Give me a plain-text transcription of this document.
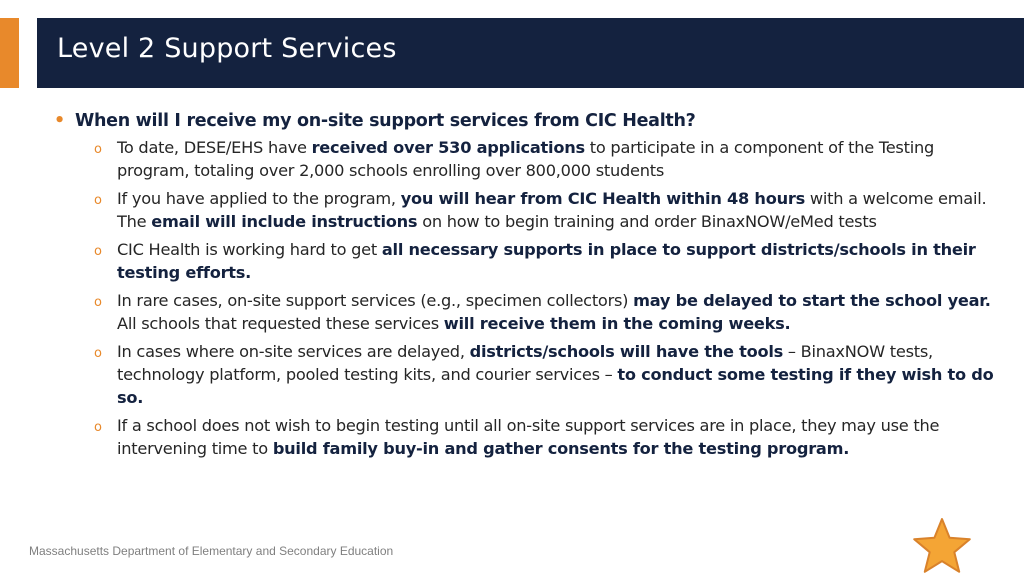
Level 2 Support Services
• When will I receive my on-site support services from CIC Health?
o To date, DESE/EHS have received over 530 applications to participate in a component of the Testing program, totaling over 2,000 schools enrolling over 800,000 students
o If you have applied to the program, you will hear from CIC Health within 48 hours with a welcome email. The email will include instructions on how to begin training and order BinaxNOW/eMed tests
o CIC Health is working hard to get all necessary supports in place to support districts/schools in their testing efforts.
o In rare cases, on-site support services (e.g., specimen collectors) may be delayed to start the school year. All schools that requested these services will receive them in the coming weeks.
o In cases where on-site services are delayed, districts/schools will have the tools – BinaxNOW tests, technology platform, pooled testing kits, and courier services – to conduct some testing if they wish to do so.
o If a school does not wish to begin testing until all on-site support services are in place, they may use the intervening time to build family buy-in and gather consents for the testing program.
Massachusetts Department of Elementary and Secondary Education
